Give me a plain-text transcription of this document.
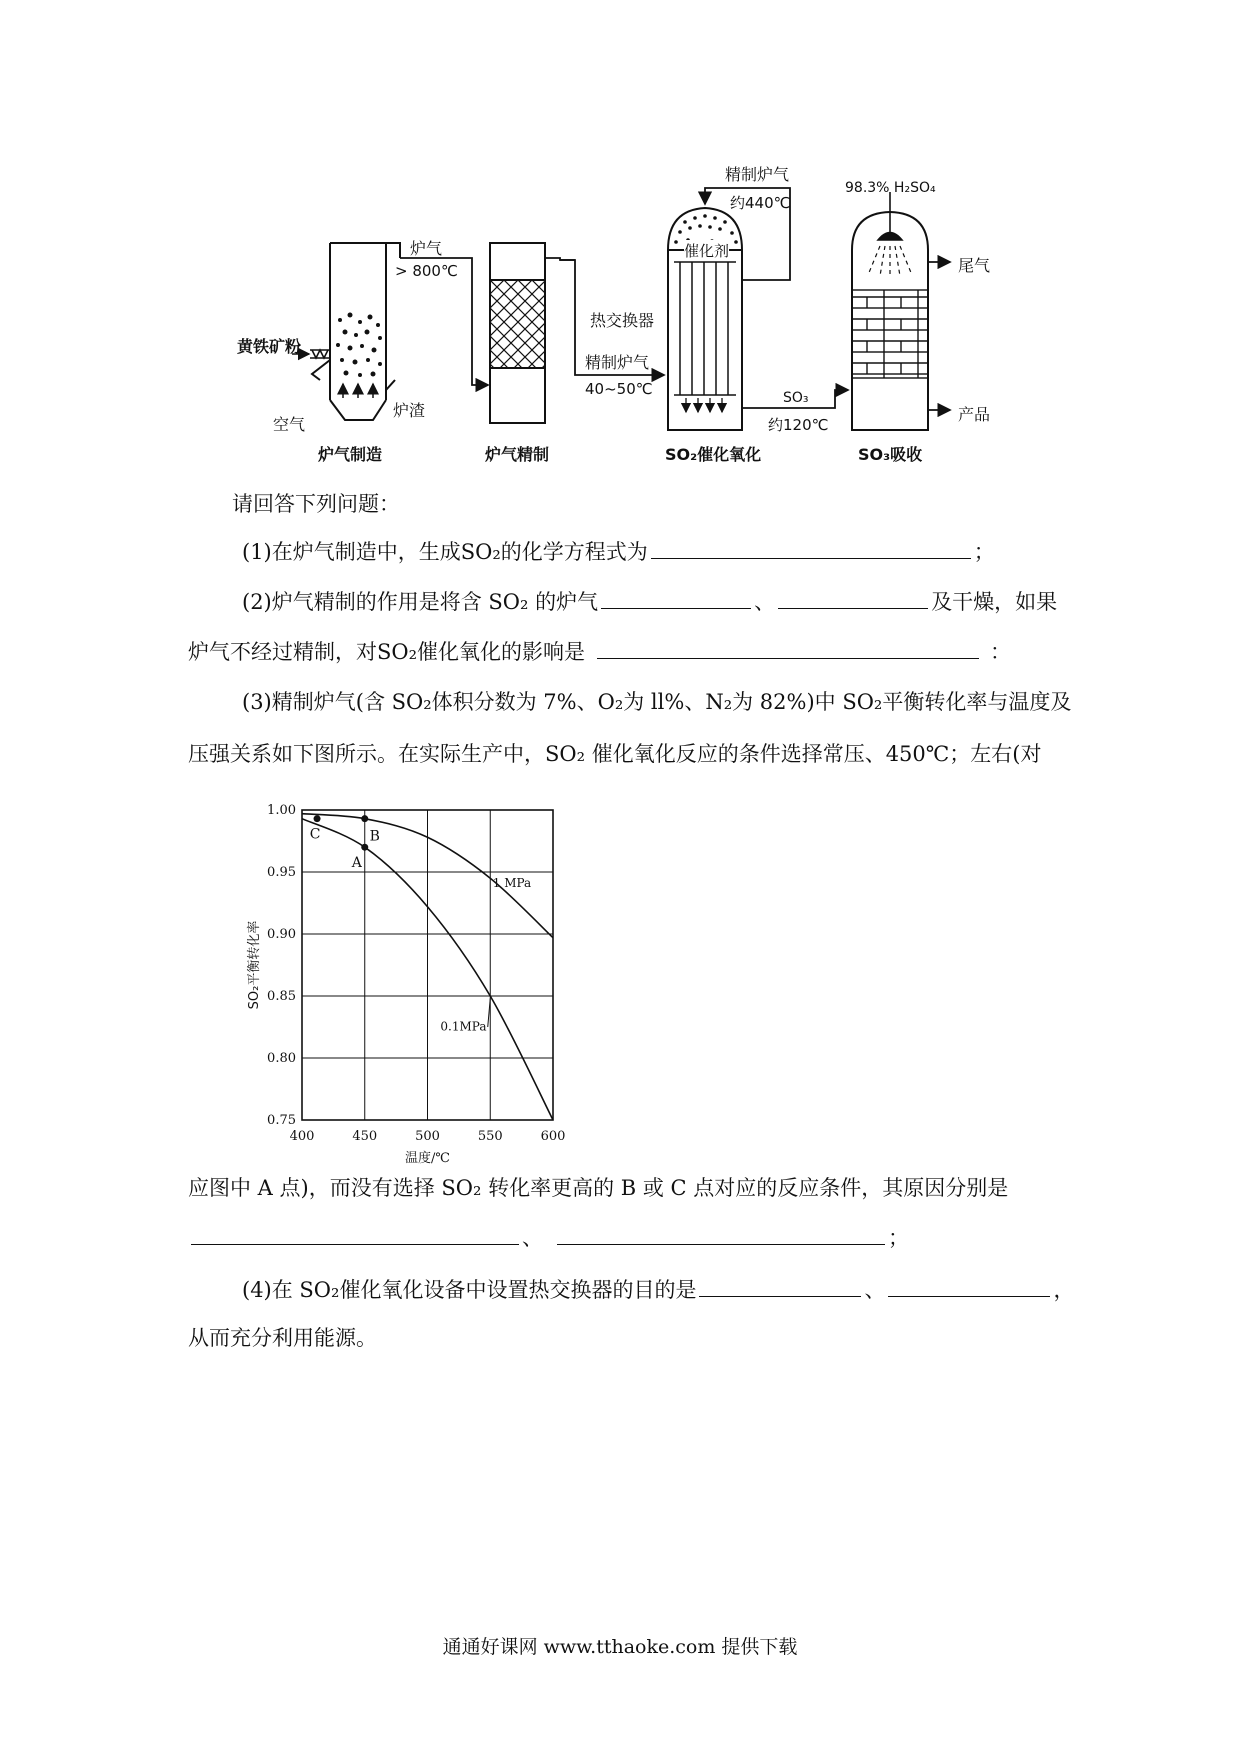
黄铁矿粉
空气
炉渣
炉气
> 800℃
精制炉气
40~50℃
精制炉气
约440℃
催化剂
热交换器
SO₃
约120℃
98.3% H₂SO₄
尾气
产品
炉气制造	炉气精制	SO₂催化氧化	SO₃吸收
请回答下列问题：
(1)在炉气制造中，生成SO₂的化学方程式为	；
(2)炉气精制的作用是将含 SO₂ 的炉气	、	及干燥，如果
炉气不经过精制，对SO₂催化氧化的影响是	：
(3)精制炉气(含 SO₂体积分数为 7%、O₂为 ll%、N₂为 82%)中 SO₂平衡转化率与温度及
压强关系如下图所示。在实际生产中，SO₂ 催化氧化反应的条件选择常压、450℃；左右(对
400	450	500	550	600
0.75
0.80
0.85
0.90
0.95
1.00
温度/℃
SO₂平衡转化率
1 MPa
0.1MPa
A
B
C
应图中 A 点)，而没有选择 SO₂ 转化率更高的 B 或 C 点对应的反应条件，其原因分别是
、	；
(4)在 SO₂催化氧化设备中设置热交换器的目的是	、	，
从而充分利用能源。
通通好课网 www.tthaoke.com 提供下载
